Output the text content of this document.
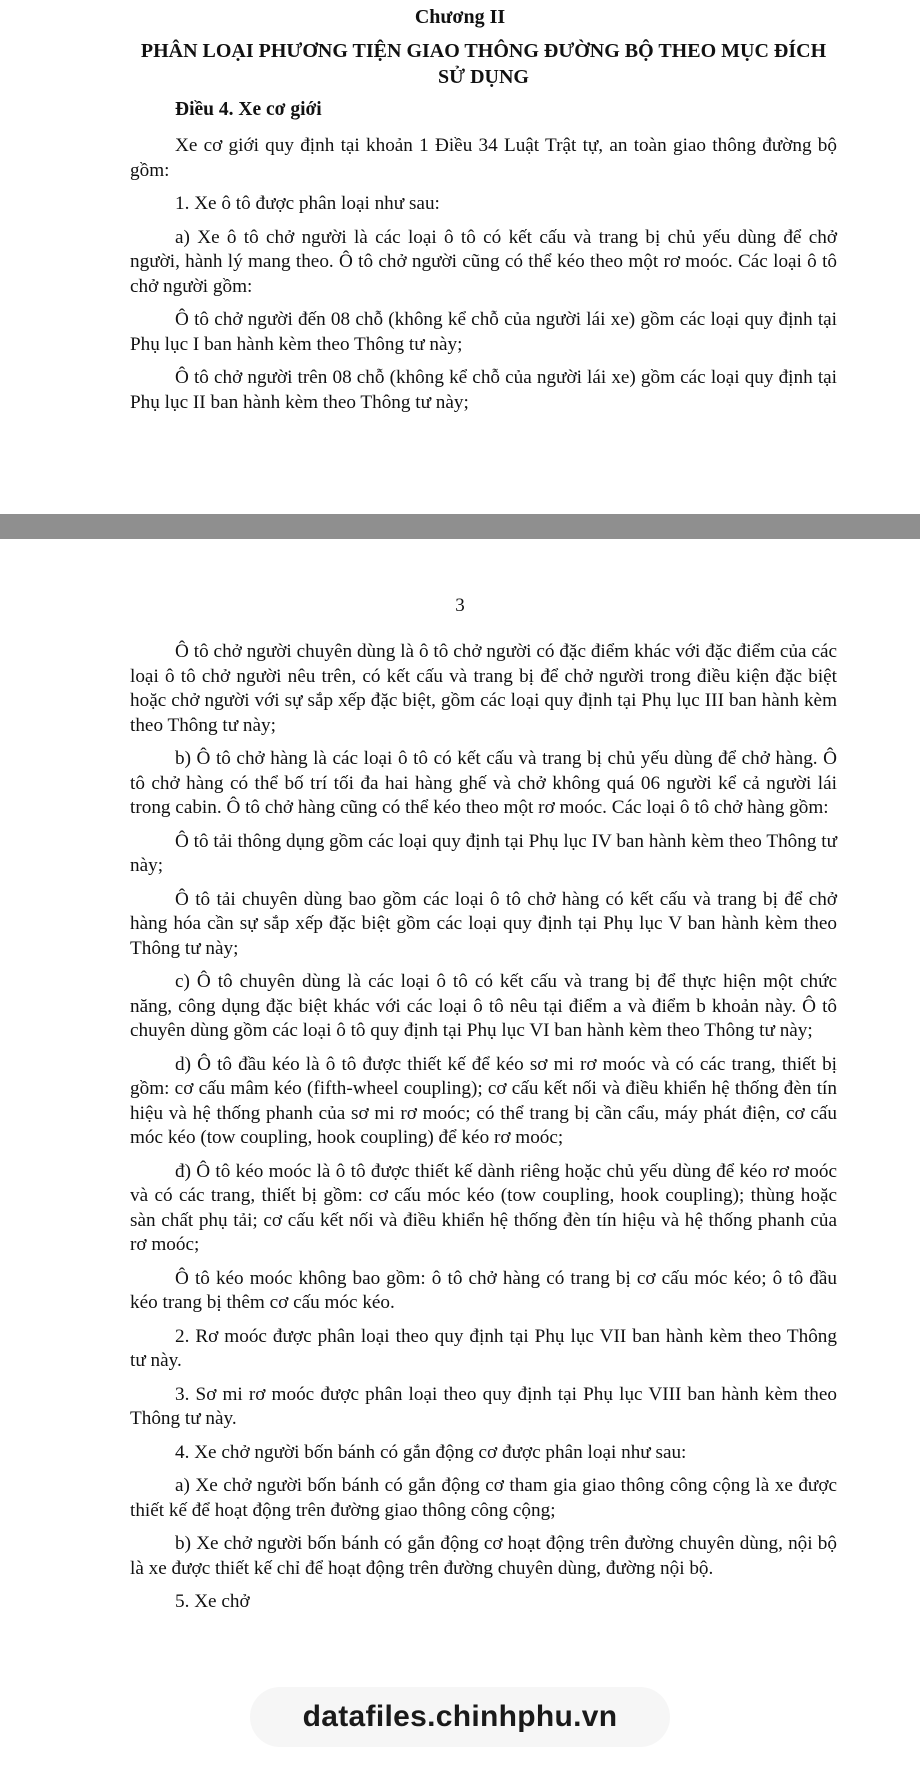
Chương II
PHÂN LOẠI PHƯƠNG TIỆN GIAO THÔNG ĐƯỜNG BỘ THEO MỤC ĐÍCH SỬ DỤNG
Điều 4. Xe cơ giới

Xe cơ giới quy định tại khoản 1 Điều 34 Luật Trật tự, an toàn giao thông đường bộ gồm:

1. Xe ô tô được phân loại như sau:

a) Xe ô tô chở người là các loại ô tô có kết cấu và trang bị chủ yếu dùng để chở người, hành lý mang theo. Ô tô chở người cũng có thể kéo theo một rơ moóc. Các loại ô tô chở người gồm:

Ô tô chở người đến 08 chỗ (không kể chỗ của người lái xe) gồm các loại quy định tại Phụ lục I ban hành kèm theo Thông tư này;

Ô tô chở người trên 08 chỗ (không kể chỗ của người lái xe) gồm các loại quy định tại Phụ lục II ban hành kèm theo Thông tư này;

3

Ô tô chở người chuyên dùng là ô tô chở người có đặc điểm khác với đặc điểm của các loại ô tô chở người nêu trên, có kết cấu và trang bị để chở người trong điều kiện đặc biệt hoặc chở người với sự sắp xếp đặc biệt, gồm các loại quy định tại Phụ lục III ban hành kèm theo Thông tư này;

b) Ô tô chở hàng là các loại ô tô có kết cấu và trang bị chủ yếu dùng để chở hàng. Ô tô chở hàng có thể bố trí tối đa hai hàng ghế và chở không quá 06 người kể cả người lái trong cabin. Ô tô chở hàng cũng có thể kéo theo một rơ moóc. Các loại ô tô chở hàng gồm:

Ô tô tải thông dụng gồm các loại quy định tại Phụ lục IV ban hành kèm theo Thông tư này;

Ô tô tải chuyên dùng bao gồm các loại ô tô chở hàng có kết cấu và trang bị để chở hàng hóa cần sự sắp xếp đặc biệt gồm các loại quy định tại Phụ lục V ban hành kèm theo Thông tư này;

c) Ô tô chuyên dùng là các loại ô tô có kết cấu và trang bị để thực hiện một chức năng, công dụng đặc biệt khác với các loại ô tô nêu tại điểm a và điểm b khoản này. Ô tô chuyên dùng gồm các loại ô tô quy định tại Phụ lục VI ban hành kèm theo Thông tư này;

d) Ô tô đầu kéo là ô tô được thiết kế để kéo sơ mi rơ moóc và có các trang, thiết bị gồm: cơ cấu mâm kéo (fifth-wheel coupling); cơ cấu kết nối và điều khiển hệ thống đèn tín hiệu và hệ thống phanh của sơ mi rơ moóc; có thể trang bị cần cẩu, máy phát điện, cơ cấu móc kéo (tow coupling, hook coupling) để kéo rơ moóc;

đ) Ô tô kéo moóc là ô tô được thiết kế dành riêng hoặc chủ yếu dùng để kéo rơ moóc và có các trang, thiết bị gồm: cơ cấu móc kéo (tow coupling, hook coupling); thùng hoặc sàn chất phụ tải; cơ cấu kết nối và điều khiển hệ thống đèn tín hiệu và hệ thống phanh của rơ moóc;

Ô tô kéo moóc không bao gồm: ô tô chở hàng có trang bị cơ cấu móc kéo; ô tô đầu kéo trang bị thêm cơ cấu móc kéo.

2. Rơ moóc được phân loại theo quy định tại Phụ lục VII ban hành kèm theo Thông tư này.

3. Sơ mi rơ moóc được phân loại theo quy định tại Phụ lục VIII ban hành kèm theo Thông tư này.

4. Xe chở người bốn bánh có gắn động cơ được phân loại như sau:

a) Xe chở người bốn bánh có gắn động cơ tham gia giao thông công cộng là xe được thiết kế để hoạt động trên đường giao thông công cộng;

b) Xe chở người bốn bánh có gắn động cơ hoạt động trên đường chuyên dùng, nội bộ là xe được thiết kế chỉ để hoạt động trên đường chuyên dùng, đường nội bộ.

5. Xe chở

datafiles.chinhphu.vn
